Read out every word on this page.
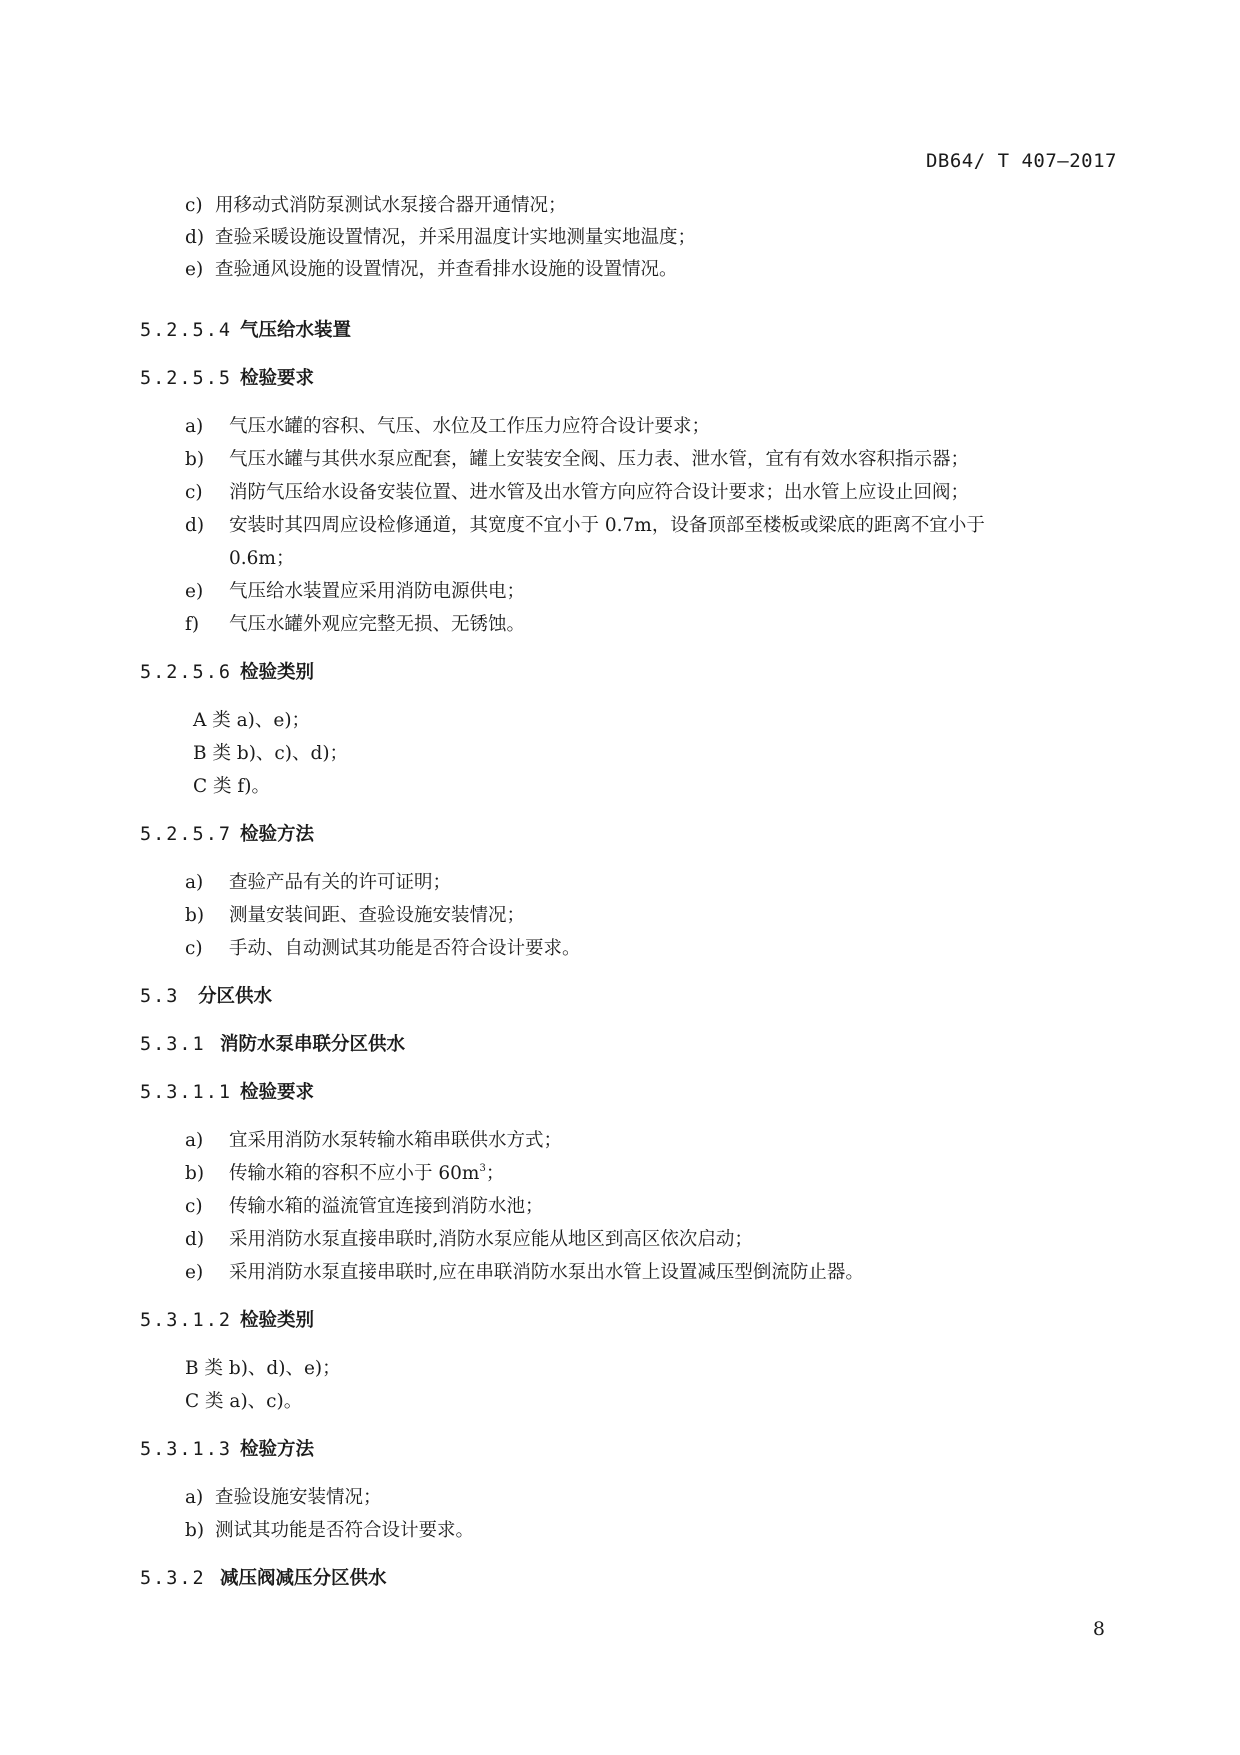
DB64/ T 407—2017
c) 用移动式消防泵测试水泵接合器开通情况；
d) 查验采暖设施设置情况，并采用温度计实地测量实地温度；
e) 查验通风设施的设置情况，并查看排水设施的设置情况。
5.2.5.4 气压给水装置
5.2.5.5 检验要求
a) 气压水罐的容积、气压、水位及工作压力应符合设计要求；
b) 气压水罐与其供水泵应配套，罐上安装安全阀、压力表、泄水管，宜有有效水容积指示器；
c) 消防气压给水设备安装位置、进水管及出水管方向应符合设计要求；出水管上应设止回阀；
d) 安装时其四周应设检修通道，其宽度不宜小于 0.7m，设备顶部至楼板或梁底的距离不宜小于
0.6m；
e) 气压给水装置应采用消防电源供电；
f) 气压水罐外观应完整无损、无锈蚀。
5.2.5.6 检验类别
A 类 a)、e)；
B 类 b)、c)、d)；
C 类 f)。
5.2.5.7 检验方法
a) 查验产品有关的许可证明；
b) 测量安装间距、查验设施安装情况；
c) 手动、自动测试其功能是否符合设计要求。
5.3 分区供水
5.3.1 消防水泵串联分区供水
5.3.1.1 检验要求
a) 宜采用消防水泵转输水箱串联供水方式；
b) 传输水箱的容积不应小于 $60m^3$；
c) 传输水箱的溢流管宜连接到消防水池；
d) 采用消防水泵直接串联时,消防水泵应能从地区到高区依次启动；
e) 采用消防水泵直接串联时,应在串联消防水泵出水管上设置减压型倒流防止器。
5.3.1.2 检验类别
B 类 b)、d)、e)；
C 类 a)、c)。
5.3.1.3 检验方法
a) 查验设施安装情况；
b) 测试其功能是否符合设计要求。
5.3.2 减压阀减压分区供水
8
